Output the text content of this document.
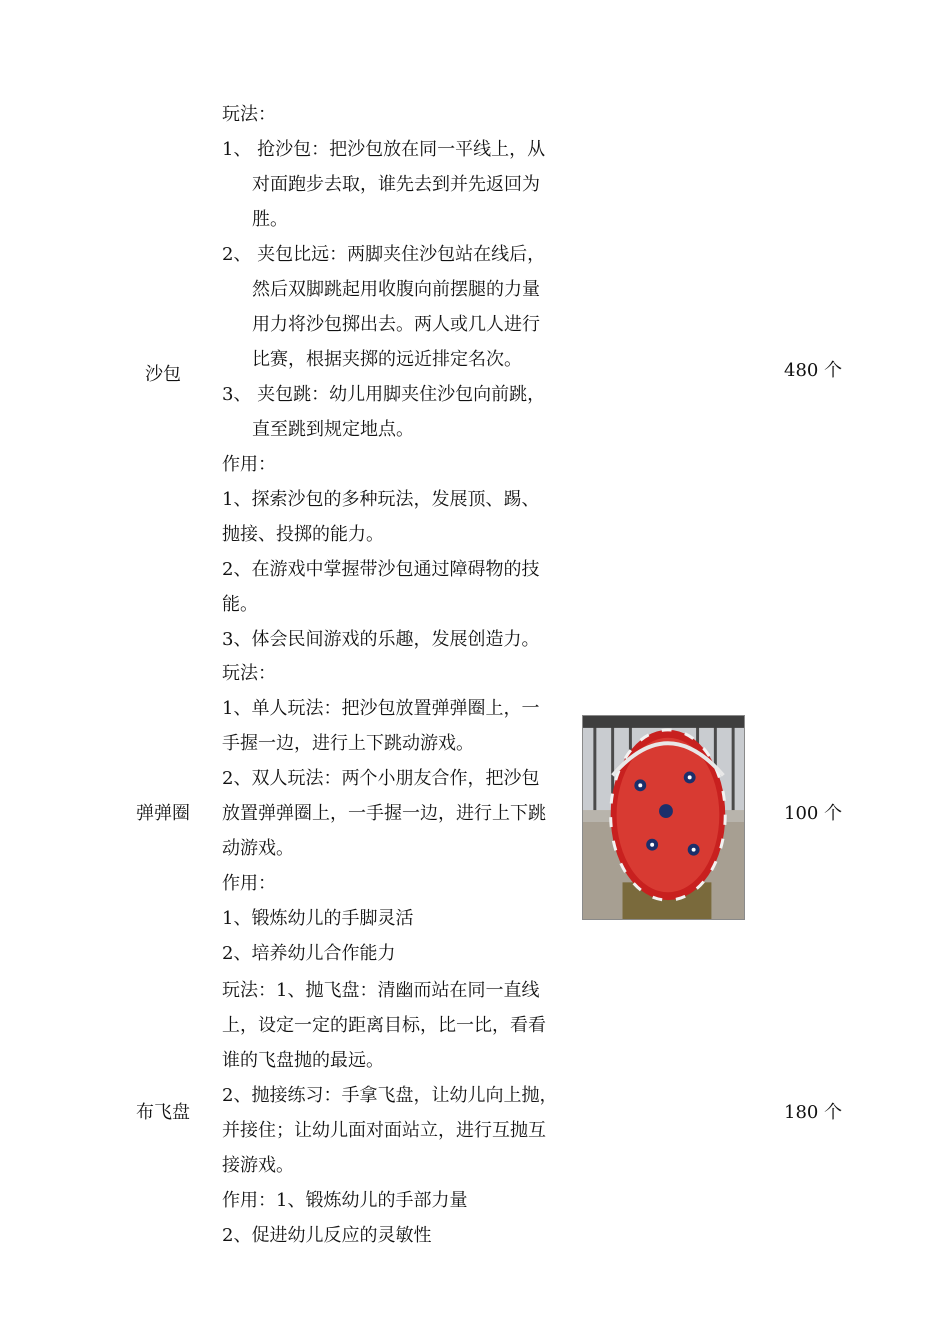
沙包	480 个
玩法：
1、 抢沙包：把沙包放在同一平线上，从
对面跑步去取，谁先去到并先返回为
胜。
2、 夹包比远：两脚夹住沙包站在线后，
然后双脚跳起用收腹向前摆腿的力量
用力将沙包掷出去。两人或几人进行
比赛，根据夹掷的远近排定名次。
3、 夹包跳：幼儿用脚夹住沙包向前跳，
直至跳到规定地点。
作用：
1、探索沙包的多种玩法，发展顶、踢、
抛接、投掷的能力。
2、在游戏中掌握带沙包通过障碍物的技
能。
3、体会民间游戏的乐趣，发展创造力。
弹弹圈	100 个
玩法：
1、单人玩法：把沙包放置弹弹圈上，一
手握一边，进行上下跳动游戏。
2、双人玩法：两个小朋友合作，把沙包
放置弹弹圈上，一手握一边，进行上下跳
动游戏。
作用：
1、锻炼幼儿的手脚灵活
2、培养幼儿合作能力
布飞盘	180 个
玩法：1、抛飞盘：清幽而站在同一直线
上，设定一定的距离目标，比一比，看看
谁的飞盘抛的最远。
2、抛接练习：手拿飞盘，让幼儿向上抛，
并接住；让幼儿面对面站立，进行互抛互
接游戏。
作用：1、锻炼幼儿的手部力量
2、促进幼儿反应的灵敏性
